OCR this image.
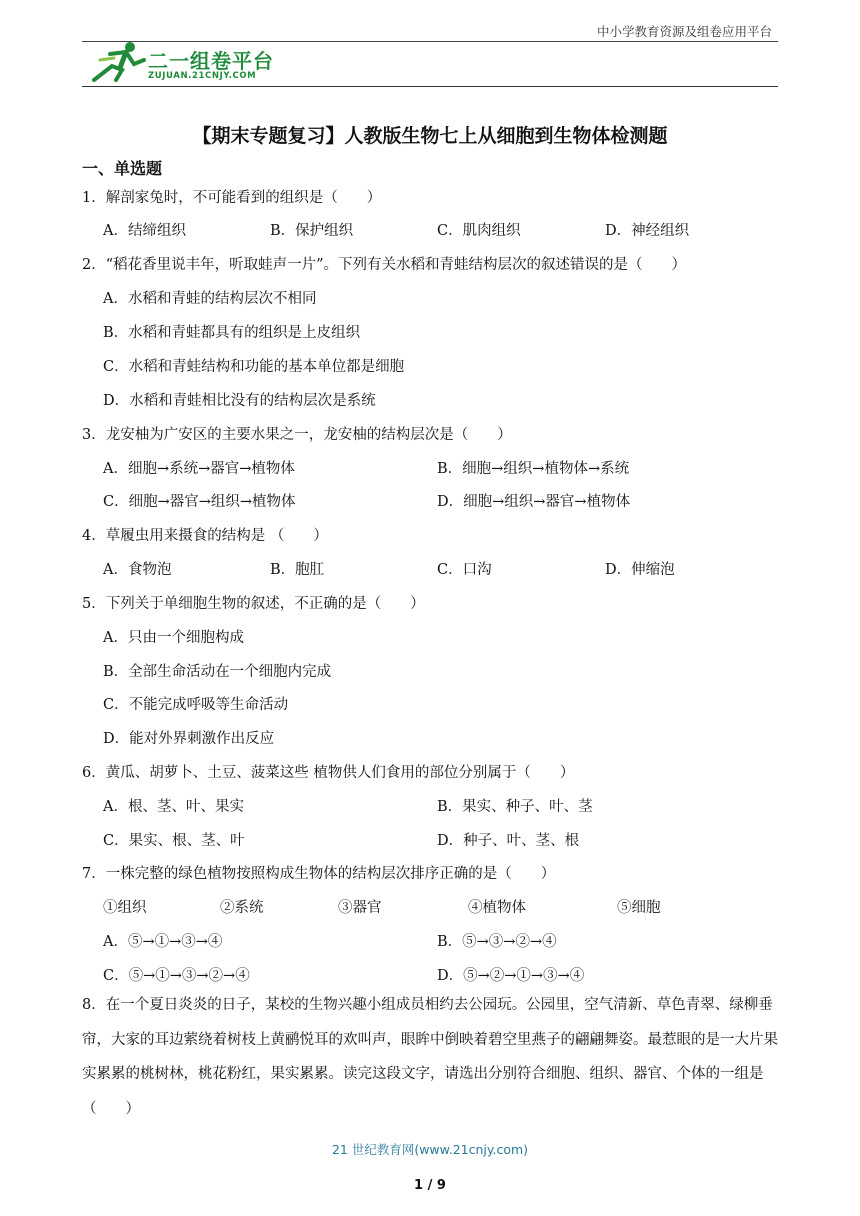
中小学教育资源及组卷应用平台
二一组卷平台
ZUJUAN.21CNJY.COM
【期末专题复习】人教版生物七上从细胞到生物体检测题
一、单选题
1．解剖家兔时，不可能看到的组织是（　　）
A．结缔组织	B．保护组织	C．肌肉组织	D．神经组织
2．“稻花香里说丰年，听取蛙声一片”。下列有关水稻和青蛙结构层次的叙述错误的是（　　）
A．水稻和青蛙的结构层次不相同
B．水稻和青蛙都具有的组织是上皮组织
C．水稻和青蛙结构和功能的基本单位都是细胞
D．水稻和青蛙相比没有的结构层次是系统
3．龙安柚为广安区的主要水果之一，龙安柚的结构层次是（　　）
A．细胞→系统→器官→植物体	B．细胞→组织→植物体→系统
C．细胞→器官→组织→植物体	D．细胞→组织→器官→植物体
4．草履虫用来摄食的结构是 （　　）
A．食物泡	B．胞肛	C．口沟	D．伸缩泡
5．下列关于单细胞生物的叙述，不正确的是（　　）
A．只由一个细胞构成
B．全部生命活动在一个细胞内完成
C．不能完成呼吸等生命活动
D．能对外界刺激作出反应
6．黄瓜、胡萝卜、土豆、菠菜这些 植物供人们食用的部位分别属于（　　）
A．根、茎、叶、果实	B．果实、种子、叶、茎
C．果实、根、茎、叶	D．种子、叶、茎、根
7．一株完整的绿色植物按照构成生物体的结构层次排序正确的是（　　）
①组织	②系统	③器官	④植物体	⑤细胞
A．⑤→①→③→④	B．⑤→③→②→④
C．⑤→①→③→②→④	D．⑤→②→①→③→④
8．在一个夏日炎炎的日子，某校的生物兴趣小组成员相约去公园玩。公园里，空气清新、草色青翠、绿柳垂帘，大家的耳边萦绕着树枝上黄鹂悦耳的欢叫声，眼眸中倒映着碧空里燕子的翩翩舞姿。最惹眼的是一大片果实累累的桃树林，桃花粉红，果实累累。读完这段文字，请选出分别符合细胞、组织、器官、个体的一组是（　　）
21 世纪教育网(www.21cnjy.com)
1 / 9
